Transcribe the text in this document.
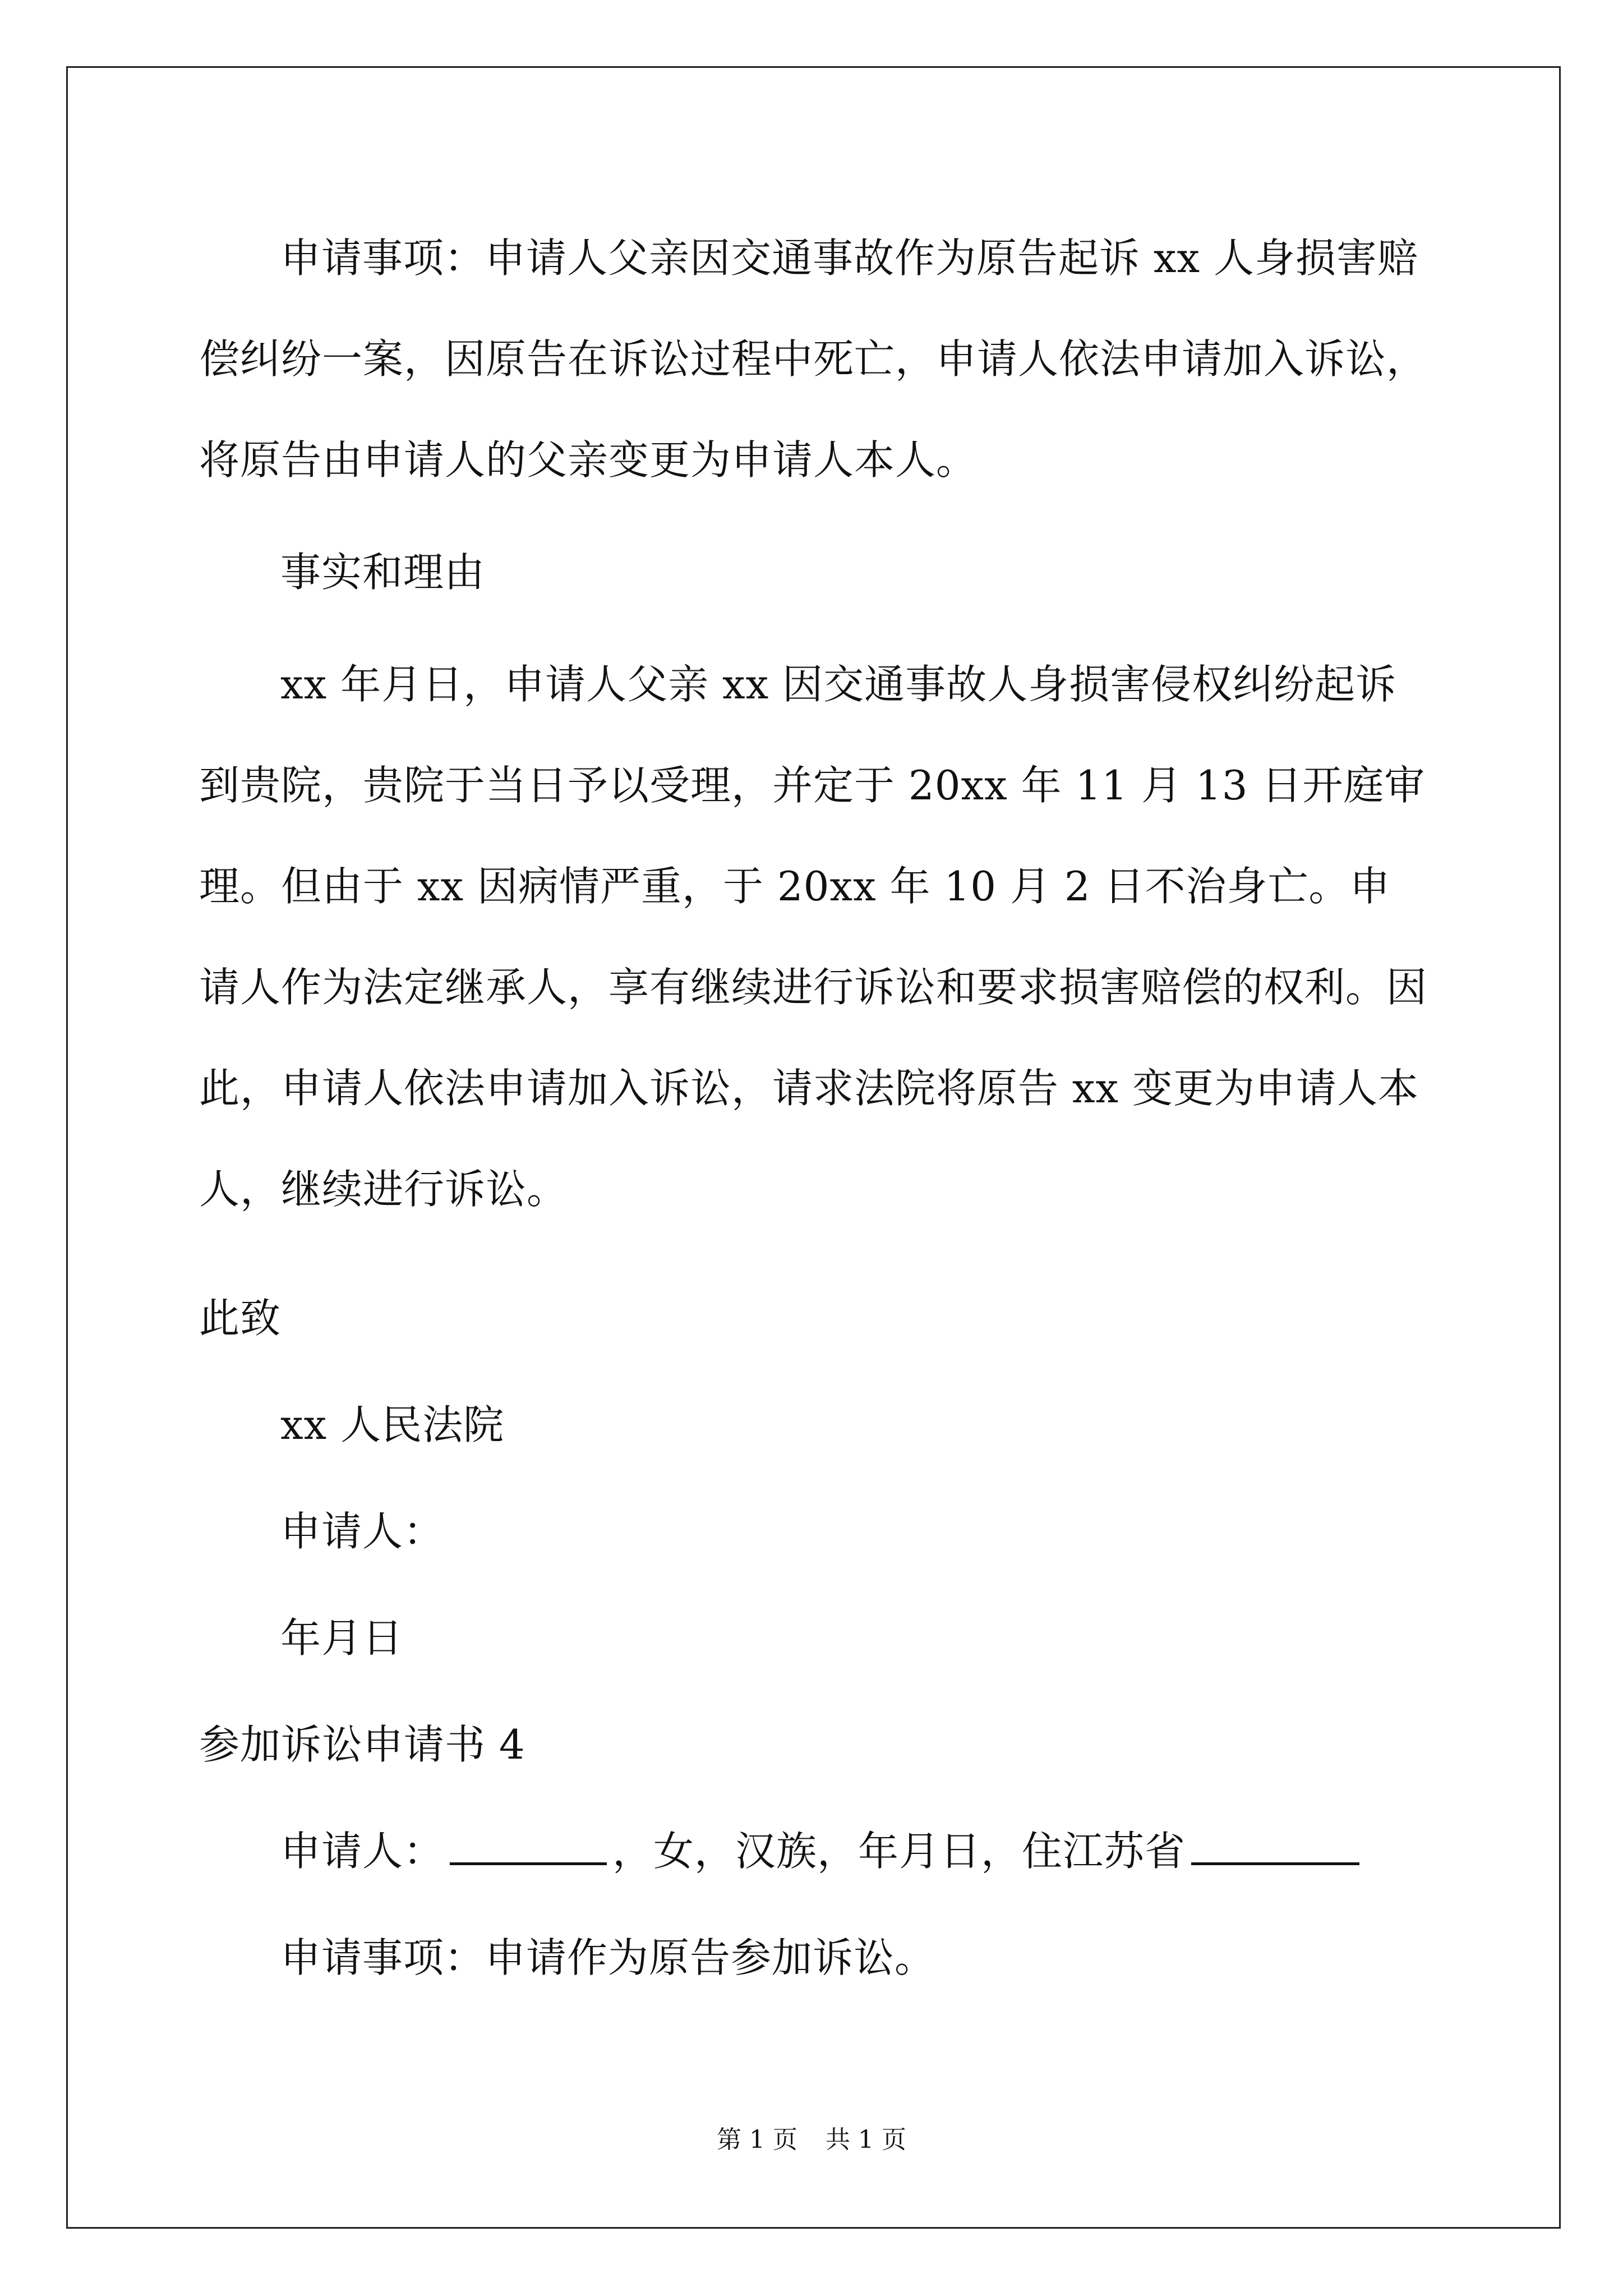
申请事项：申请人父亲因交通事故作为原告起诉 xx 人身损害赔偿纠纷一案，因原告在诉讼过程中死亡，申请人依法申请加入诉讼，将原告由申请人的父亲变更为申请人本人。

事实和理由

xx 年月日，申请人父亲 xx 因交通事故人身损害侵权纠纷起诉到贵院，贵院于当日予以受理，并定于 20xx 年 11 月 13 日开庭审理。但由于 xx 因病情严重，于 20xx 年 10 月 2 日不治身亡。申请人作为法定继承人，享有继续进行诉讼和要求损害赔偿的权利。因此，申请人依法申请加入诉讼，请求法院将原告 xx 变更为申请人本人，继续进行诉讼。

此致
xx 人民法院
申请人：
年月日
参加诉讼申请书 4
申请人：	，女，汉族，年月日，住江苏省
申请事项：申请作为原告参加诉讼。
第 1 页 共 1 页
